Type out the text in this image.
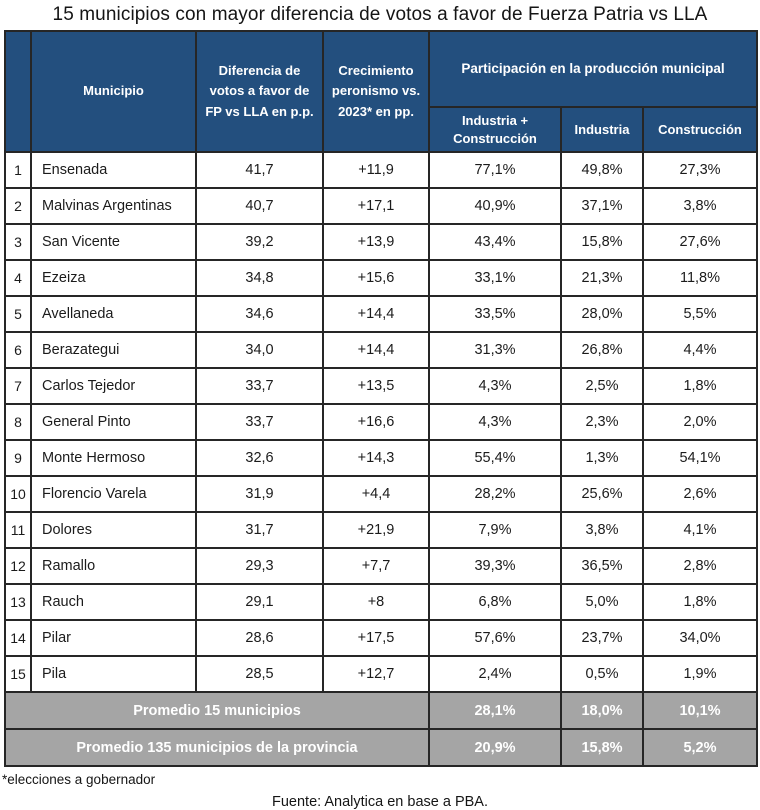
15 municipios con mayor diferencia de votos a favor de Fuerza Patria vs LLA
	Municipio	Diferencia de votos a favor de FP vs LLA en p.p.	Crecimiento peronismo vs. 2023* en pp.	Participación en la producción municipal		
				Industria + Construcción	Industria	Construcción
1	Ensenada	41,7	+11,9	77,1%	49,8%	27,3%
2	Malvinas Argentinas	40,7	+17,1	40,9%	37,1%	3,8%
3	San Vicente	39,2	+13,9	43,4%	15,8%	27,6%
4	Ezeiza	34,8	+15,6	33,1%	21,3%	11,8%
5	Avellaneda	34,6	+14,4	33,5%	28,0%	5,5%
6	Berazategui	34,0	+14,4	31,3%	26,8%	4,4%
7	Carlos Tejedor	33,7	+13,5	4,3%	2,5%	1,8%
8	General Pinto	33,7	+16,6	4,3%	2,3%	2,0%
9	Monte Hermoso	32,6	+14,3	55,4%	1,3%	54,1%
10	Florencio Varela	31,9	+4,4	28,2%	25,6%	2,6%
11	Dolores	31,7	+21,9	7,9%	3,8%	4,1%
12	Ramallo	29,3	+7,7	39,3%	36,5%	2,8%
13	Rauch	29,1	+8	6,8%	5,0%	1,8%
14	Pilar	28,6	+17,5	57,6%	23,7%	34,0%
15	Pila	28,5	+12,7	2,4%	0,5%	1,9%
Promedio 15 municipios				28,1%	18,0%	10,1%
Promedio 135 municipios de la provincia				20,9%	15,8%	5,2%
*elecciones a gobernador
Fuente: Analytica en base a PBA.
